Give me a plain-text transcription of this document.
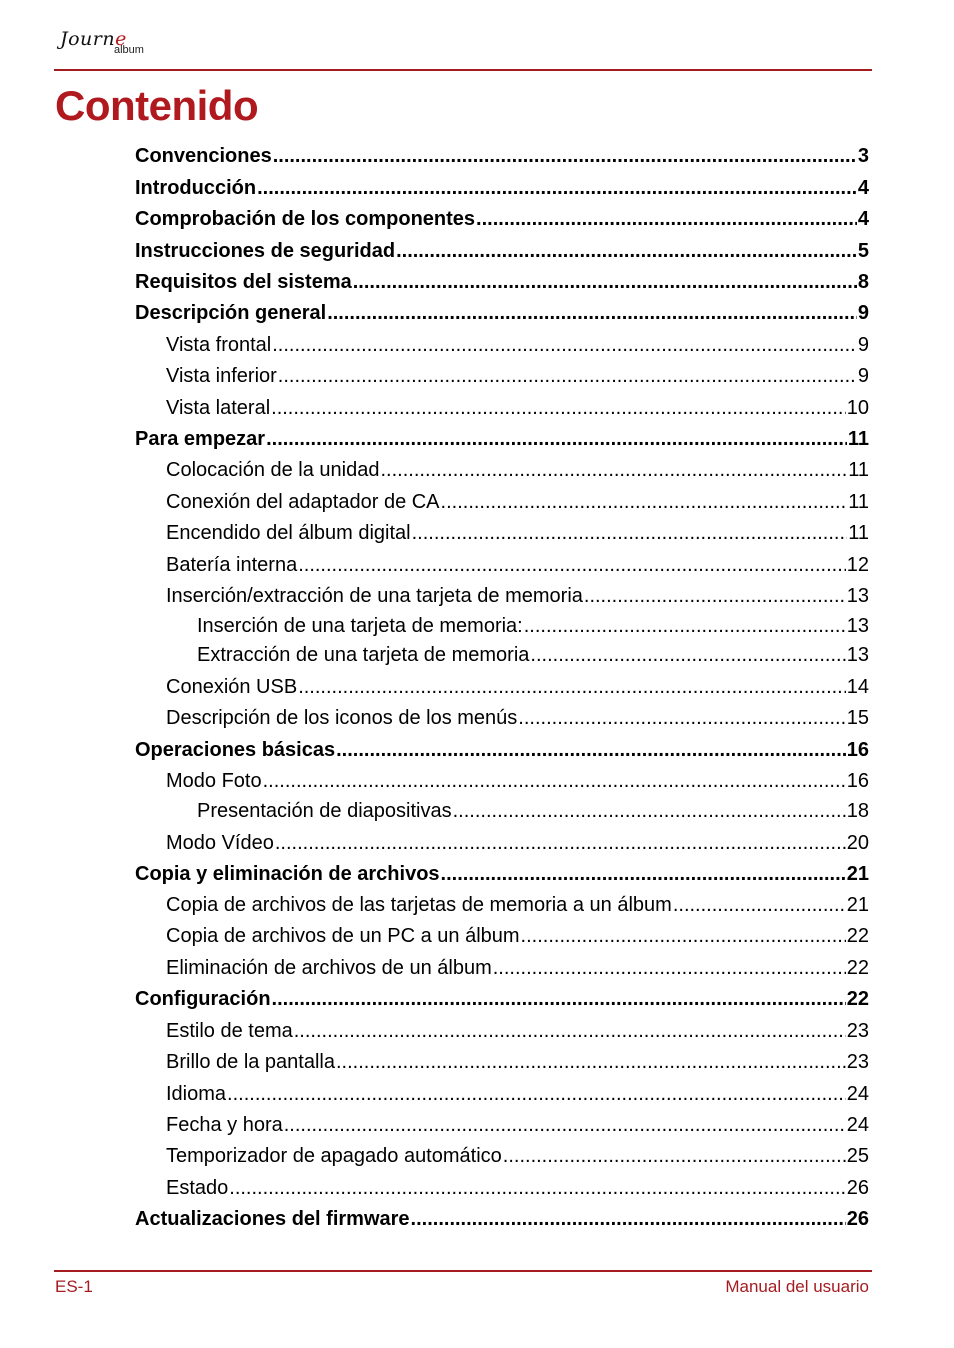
Journe
album
Contenido
Convenciones .....	3
Introducción .....	4
Comprobación de los componentes .....	4
Instrucciones de seguridad .....	5
Requisitos del sistema .....	8
Descripción general .....	9
Vista frontal .....	9
Vista inferior .....	9
Vista lateral .....	10
Para empezar .....	11
Colocación de la unidad .....	11
Conexión del adaptador de CA .....	11
Encendido del álbum digital .....	11
Batería interna .....	12
Inserción/extracción de una tarjeta de memoria .....	13
Inserción de una tarjeta de memoria: .....	13
Extracción de una tarjeta de memoria .....	13
Conexión USB .....	14
Descripción de los iconos de los menús .....	15
Operaciones básicas .....	16
Modo Foto .....	16
Presentación de diapositivas .....	18
Modo Vídeo .....	20
Copia y eliminación de archivos .....	21
Copia de archivos de las tarjetas de memoria a un álbum .....	21
Copia de archivos de un PC a un álbum .....	22
Eliminación de archivos de un álbum .....	22
Configuración .....	22
Estilo de tema .....	23
Brillo de la pantalla .....	23
Idioma .....	24
Fecha y hora .....	24
Temporizador de apagado automático .....	25
Estado .....	26
Actualizaciones del firmware .....	26
ES-1	Manual del usuario
